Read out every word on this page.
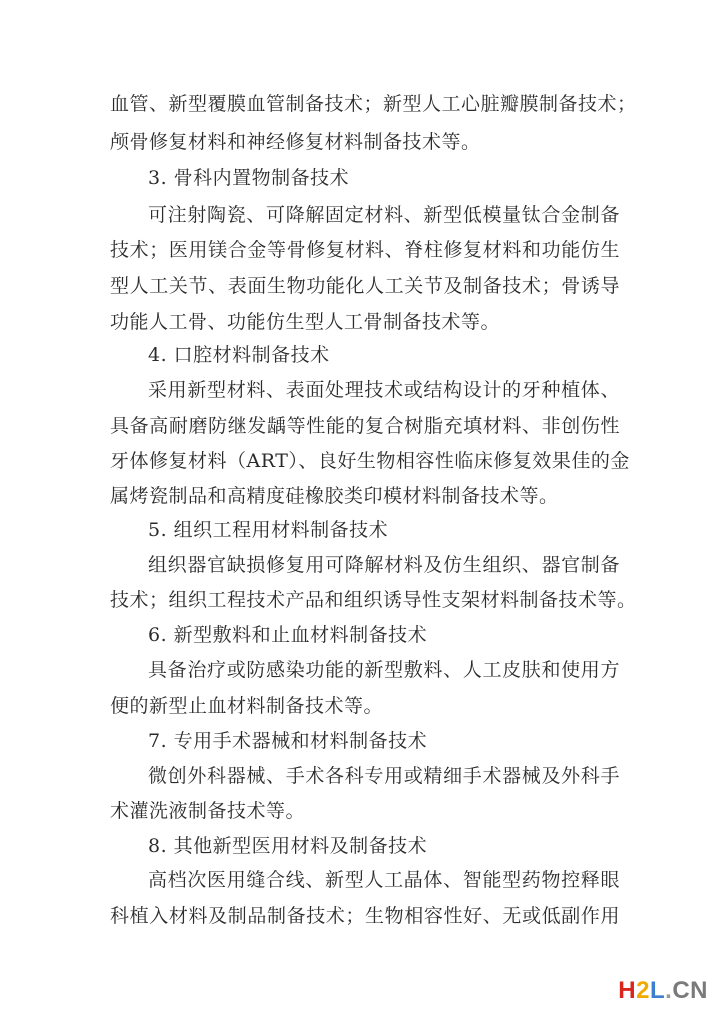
血管、新型覆膜血管制备技术；新型人工心脏瓣膜制备技术；
颅骨修复材料和神经修复材料制备技术等。
3. 骨科内置物制备技术
可注射陶瓷、可降解固定材料、新型低模量钛合金制备
技术；医用镁合金等骨修复材料、脊柱修复材料和功能仿生
型人工关节、表面生物功能化人工关节及制备技术；骨诱导
功能人工骨、功能仿生型人工骨制备技术等。
4. 口腔材料制备技术
采用新型材料、表面处理技术或结构设计的牙种植体、
具备高耐磨防继发龋等性能的复合树脂充填材料、非创伤性
牙体修复材料（ART）、良好生物相容性临床修复效果佳的金
属烤瓷制品和高精度硅橡胶类印模材料制备技术等。
5. 组织工程用材料制备技术
组织器官缺损修复用可降解材料及仿生组织、器官制备
技术；组织工程技术产品和组织诱导性支架材料制备技术等。
6. 新型敷料和止血材料制备技术
具备治疗或防感染功能的新型敷料、人工皮肤和使用方
便的新型止血材料制备技术等。
7. 专用手术器械和材料制备技术
微创外科器械、手术各科专用或精细手术器械及外科手
术灌洗液制备技术等。
8. 其他新型医用材料及制备技术
高档次医用缝合线、新型人工晶体、智能型药物控释眼
科植入材料及制品制备技术；生物相容性好、无或低副作用
H2L.CN
